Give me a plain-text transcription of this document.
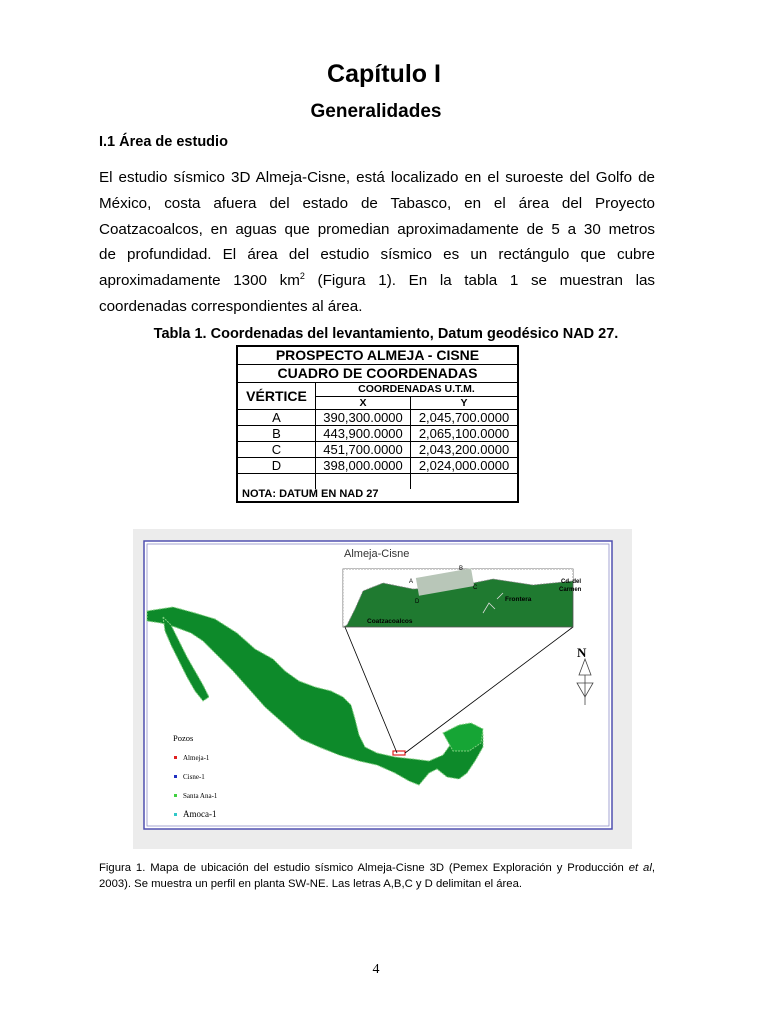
Capítulo I
Generalidades
I.1 Área de estudio
El estudio sísmico 3D Almeja-Cisne, está localizado en el suroeste del Golfo de
México, costa afuera del estado de Tabasco, en el área del Proyecto
Coatzacoalcos, en aguas que promedian aproximadamente de 5 a 30 metros
de profundidad. El área del estudio sísmico es un rectángulo que cubre
aproximadamente 1300 $km^2$ (Figura 1). En la tabla 1 se muestran las
coordenadas correspondientes al área.
Tabla 1. Coordenadas del levantamiento, Datum geodésico NAD 27.
PROSPECTO ALMEJA - CISNE
CUADRO DE COORDENADAS
VÉRTICE	COORDENADAS U.T.M.
X	Y
NOTA: DATUM EN NAD 27
A	390,300.0000	2,045,700.0000
B	443,900.0000	2,065,100.0000
C	451,700.0000	2,043,200.0000
D	398,000.0000	2,024,000.0000
Almeja-Cisne
A
B
C
D
Cd. del
Carmen
Frontera
Coatzacoalcos
N
Pozos
Almeja-1
Cisne-1
Santa Ana-1
Amoca-1
Figura 1. Mapa de ubicación del estudio sísmico Almeja-Cisne 3D (Pemex Exploración y Producción et al, 2003). Se muestra un perfil en planta SW-NE. Las letras A,B,C y D delimitan el área.
4
